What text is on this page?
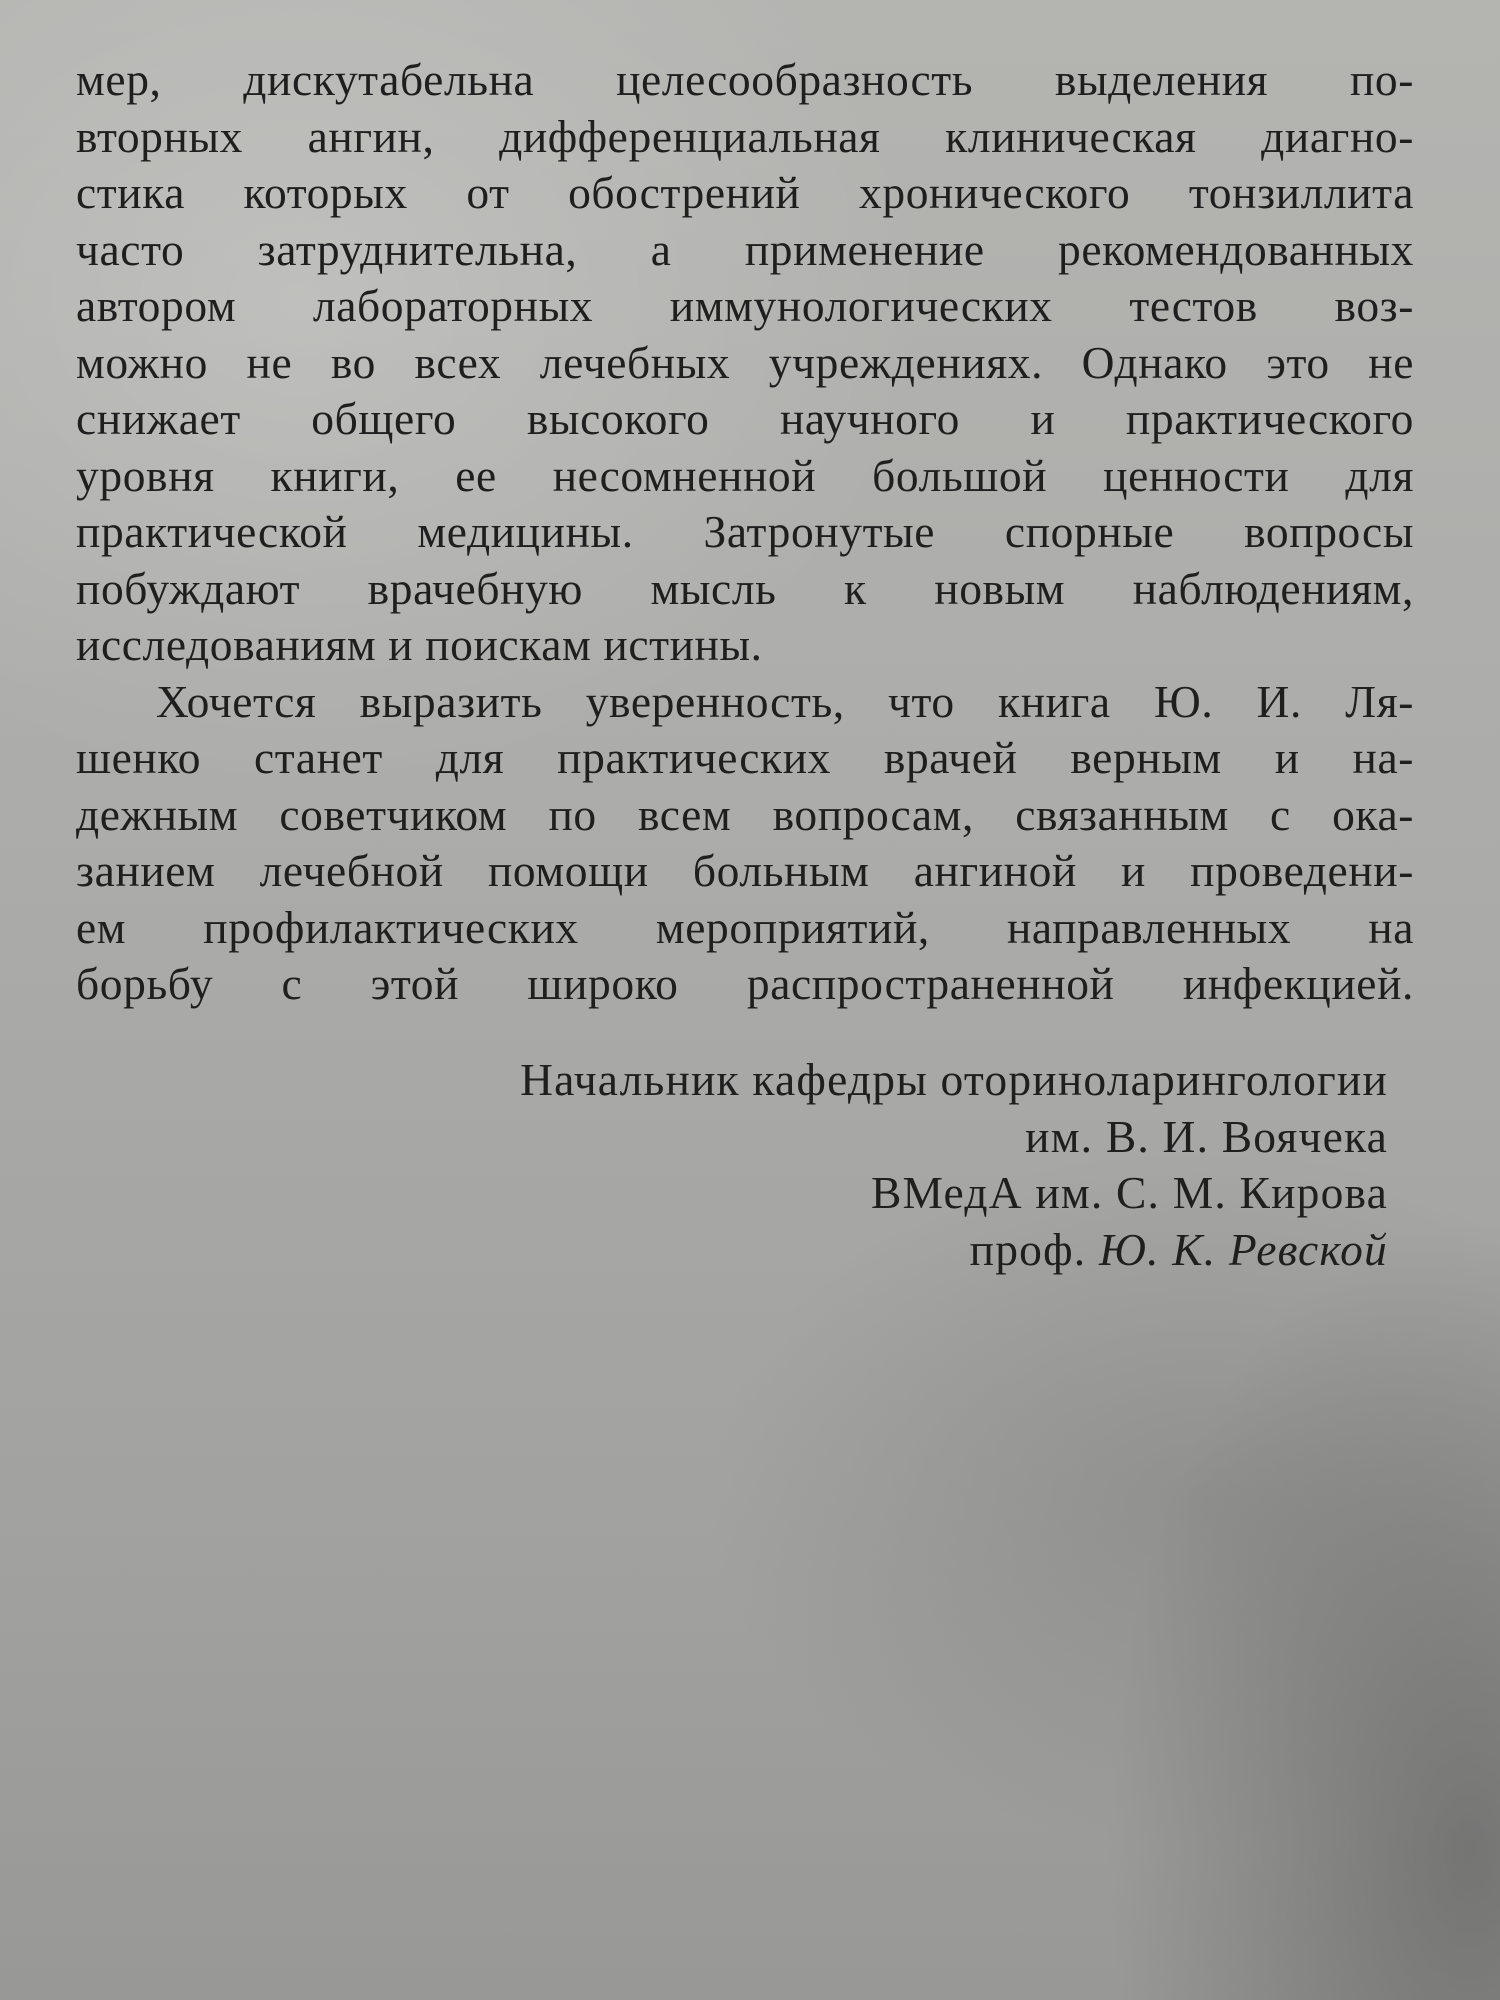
мер, дискутабельна целесообразность выделения по-
вторных ангин, дифференциальная клиническая диагно-
стика которых от обострений хронического тонзиллита
часто затруднительна, а применение рекомендованных
автором лабораторных иммунологических тестов воз-
можно не во всех лечебных учреждениях. Однако это не
снижает общего высокого научного и практического
уровня книги, ее несомненной большой ценности для
практической медицины. Затронутые спорные вопросы
побуждают врачебную мысль к новым наблюдениям,
исследованиям и поискам истины.
Хочется выразить уверенность, что книга Ю. И. Ля-
шенко станет для практических врачей верным и на-
дежным советчиком по всем вопросам, связанным с ока-
занием лечебной помощи больным ангиной и проведени-
ем профилактических мероприятий, направленных на
борьбу с этой широко распространенной инфекцией.
Начальник кафедры оториноларингологии
им. В. И. Воячека
ВМедА им. С. М. Кирова
проф. Ю. К. Ревской
